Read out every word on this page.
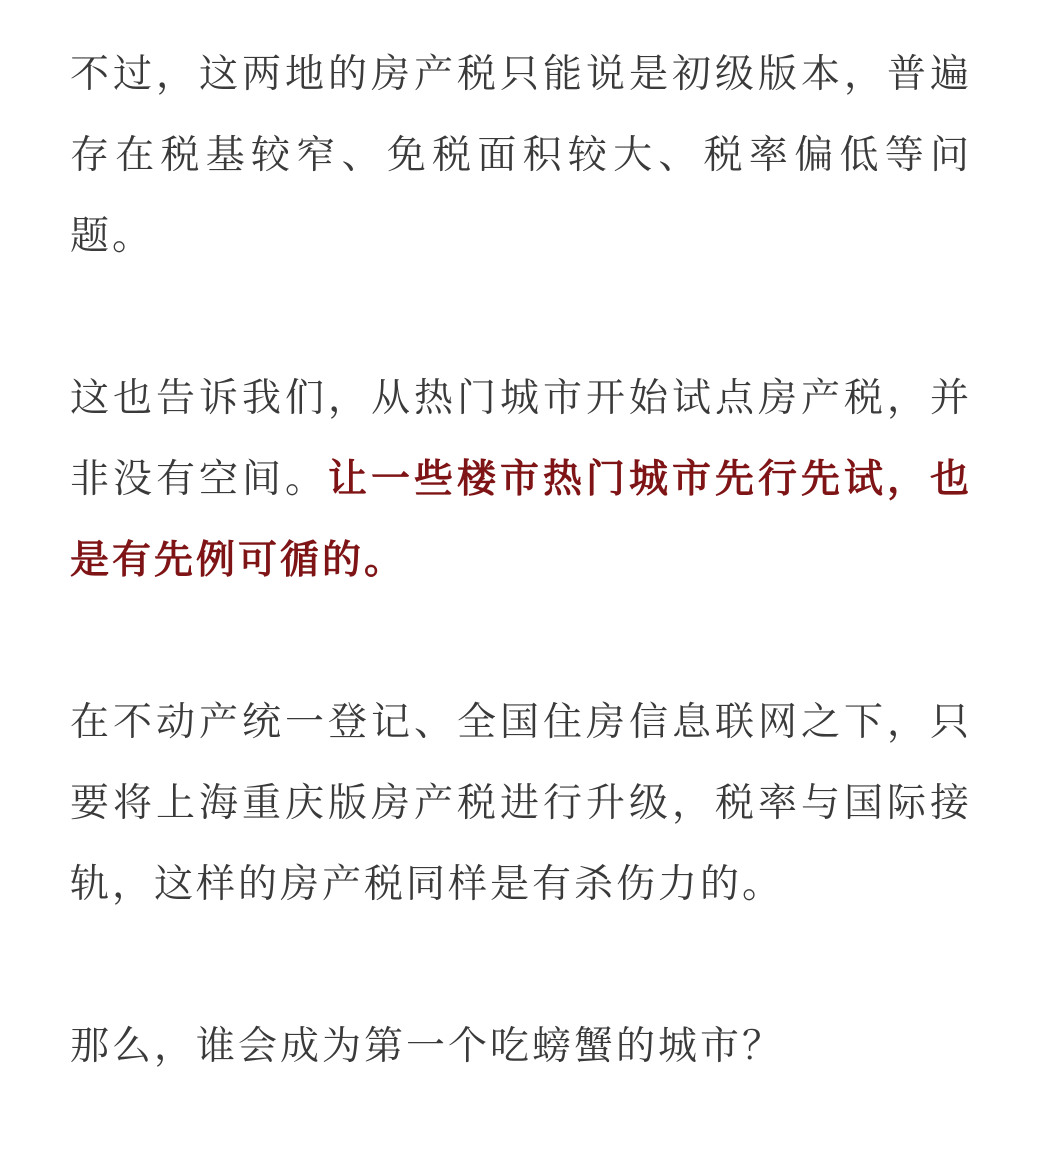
不过，这两地的房产税只能说是初级版本，普遍存在税基较窄、免税面积较大、税率偏低等问题。

这也告诉我们，从热门城市开始试点房产税，并非没有空间。让一些楼市热门城市先行先试，也是有先例可循的。

在不动产统一登记、全国住房信息联网之下，只要将上海重庆版房产税进行升级，税率与国际接轨，这样的房产税同样是有杀伤力的。

那么，谁会成为第一个吃螃蟹的城市？
